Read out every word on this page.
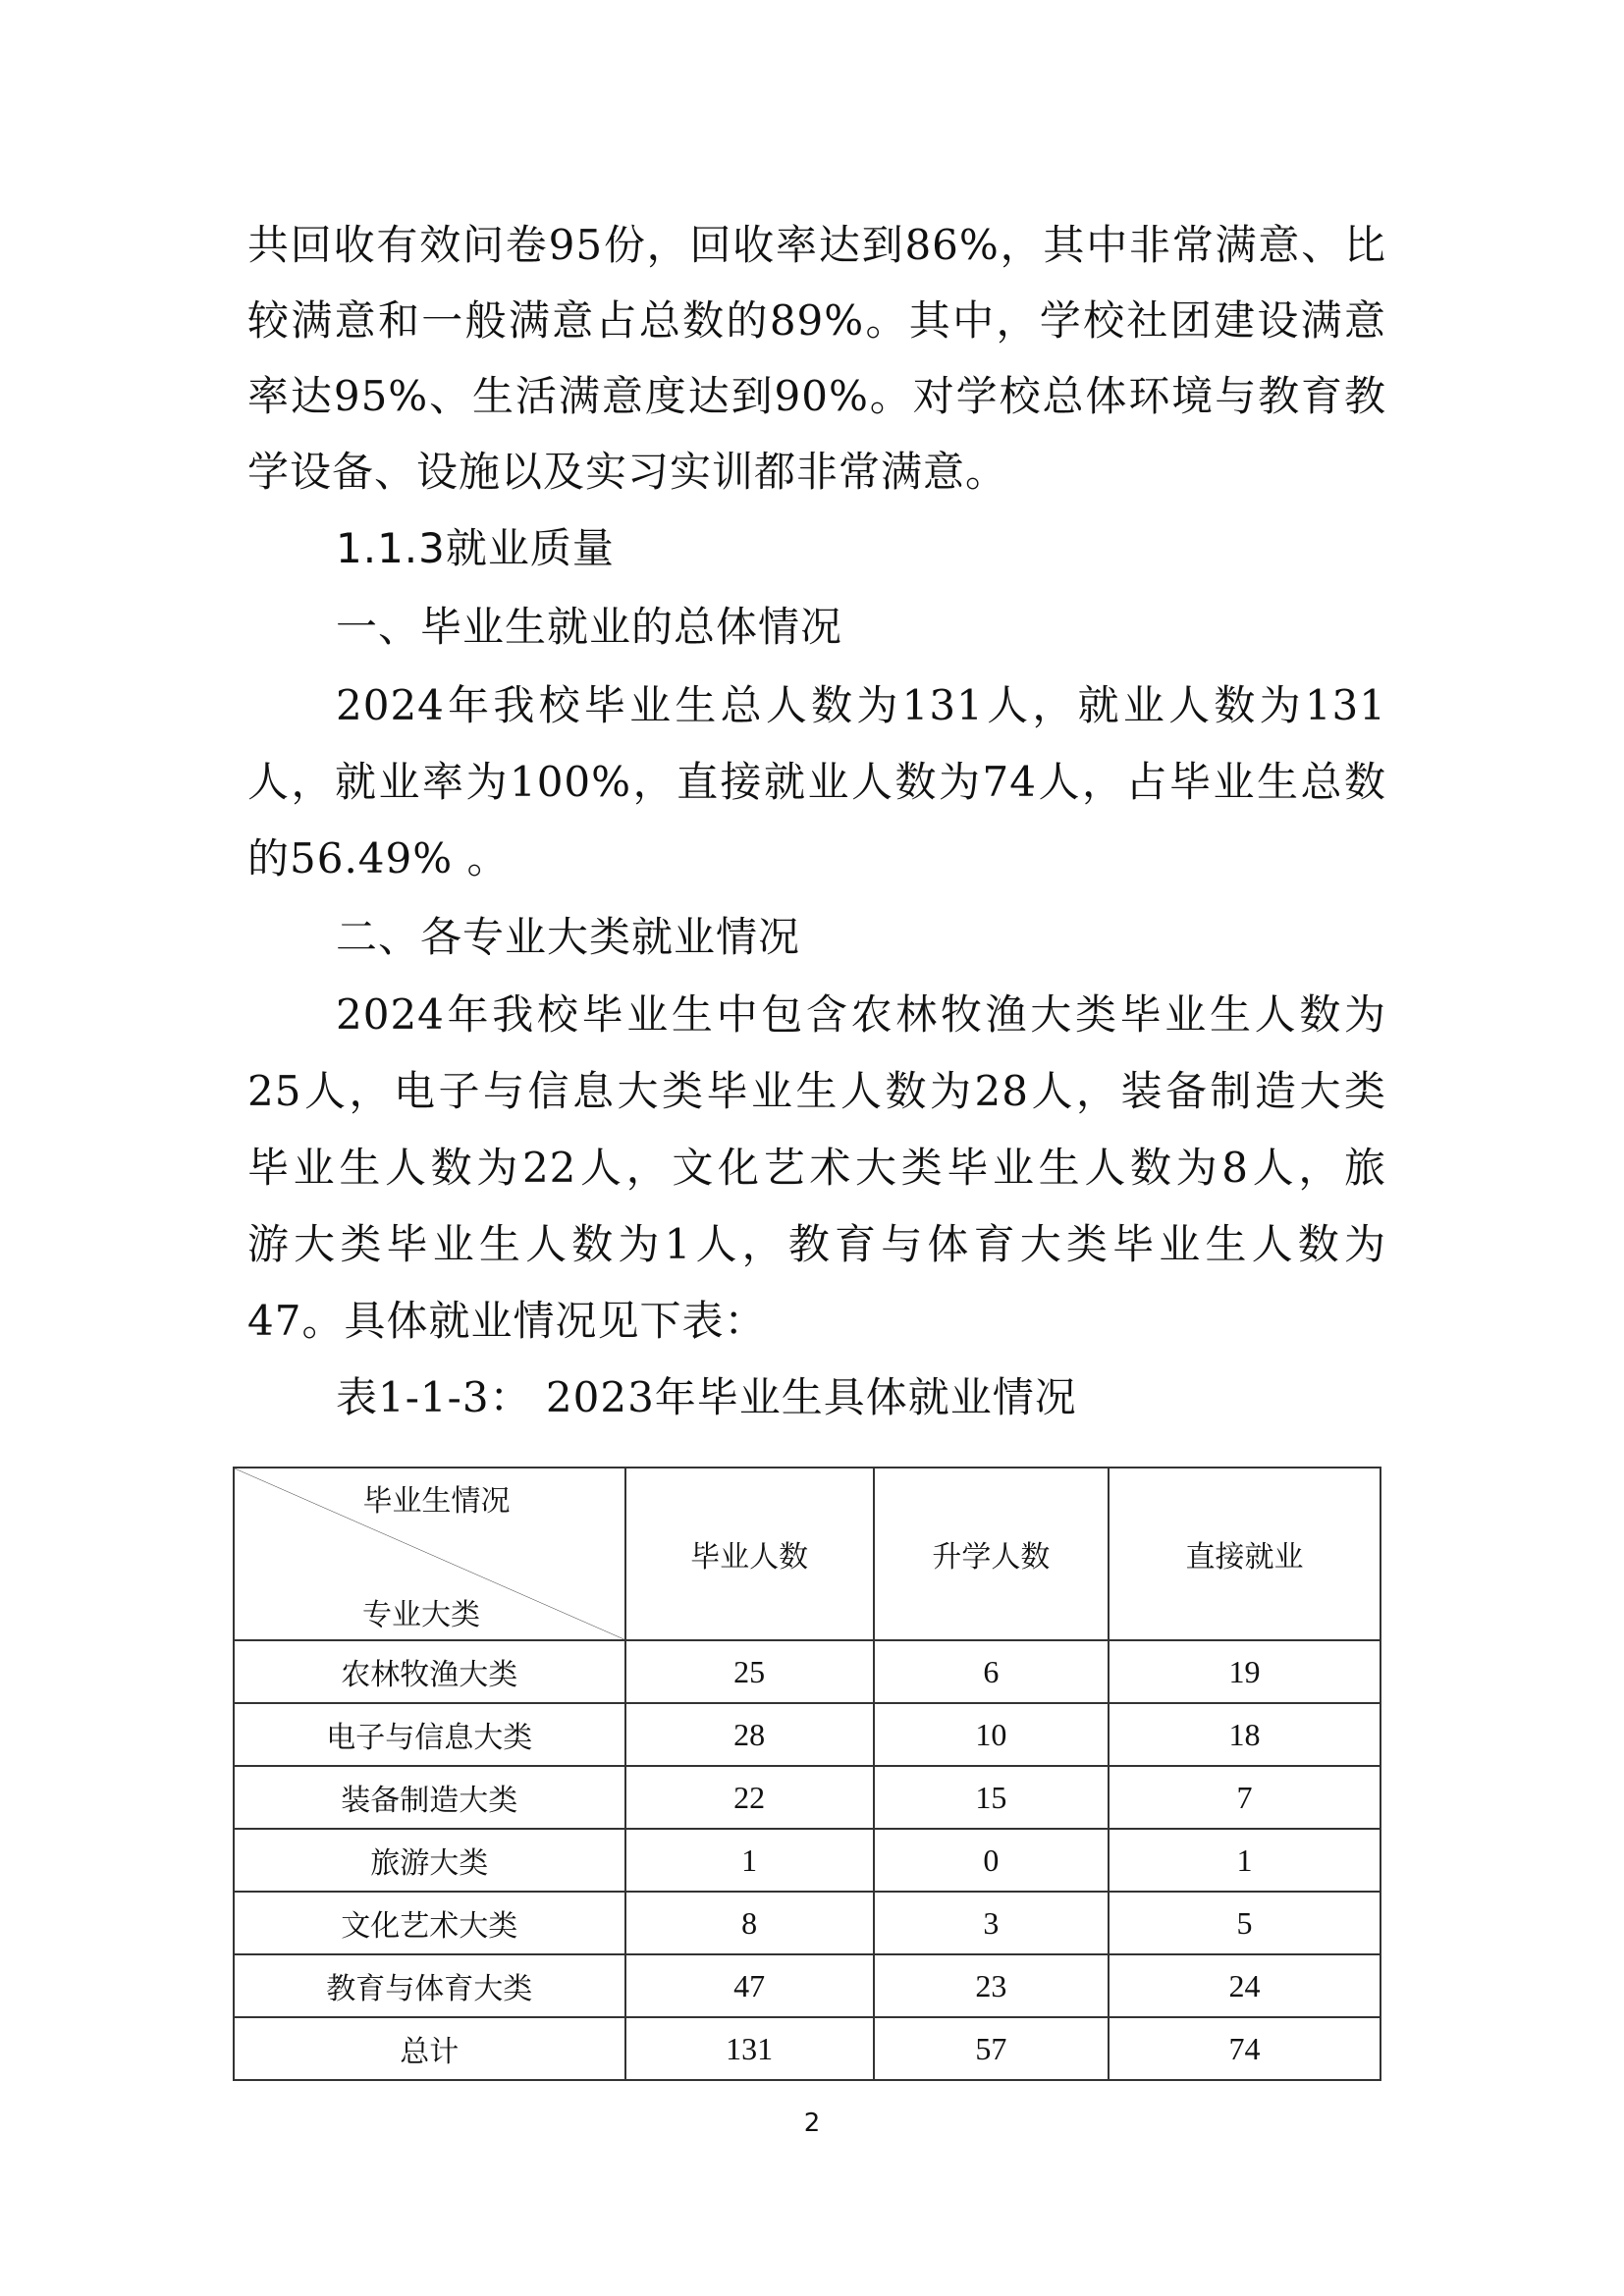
共回收有效问卷95份，回收率达到86%，其中非常满意、比
较满意和一般满意占总数的89%。其中，学校社团建设满意
率达95%、生活满意度达到90%。对学校总体环境与教育教
学设备、设施以及实习实训都非常满意。
1.1.3就业质量
一、毕业生就业的总体情况
2024年我校毕业生总人数为131人，就业人数为131
人，就业率为100%，直接就业人数为74人，占毕业生总数
的56.49% 。
二、各专业大类就业情况
2024年我校毕业生中包含农林牧渔大类毕业生人数为
25人，电子与信息大类毕业生人数为28人，装备制造大类
毕业生人数为22人，文化艺术大类毕业生人数为8人，旅
游大类毕业生人数为1人，教育与体育大类毕业生人数为
47。具体就业情况见下表：
表1-1-3： 2023年毕业生具体就业情况
毕业生情况
专业大类	毕业人数	升学人数	直接就业
农林牧渔大类	25	6	19
电子与信息大类	28	10	18
装备制造大类	22	15	7
旅游大类	1	0	1
文化艺术大类	8	3	5
教育与体育大类	47	23	24
总计	131	57	74
2
